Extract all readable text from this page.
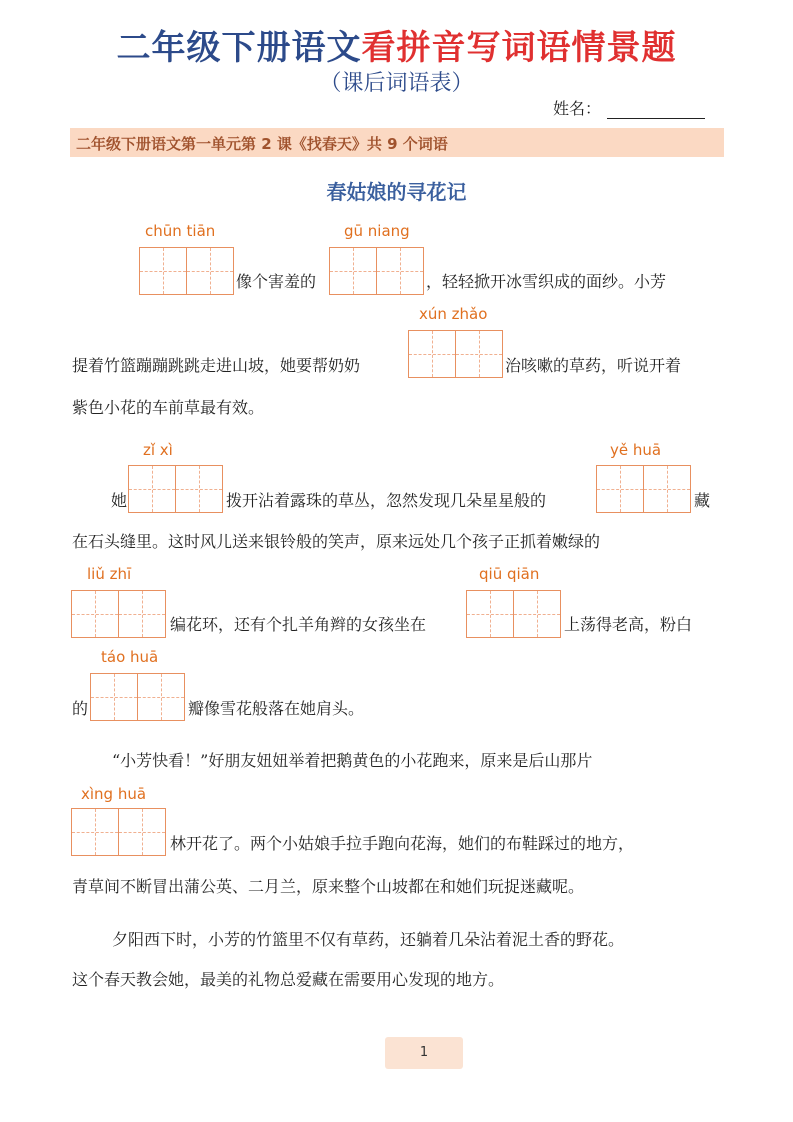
二年级下册语文看拼音写词语情景题
（课后词语表）
姓名：
二年级下册语文第一单元第 2 课《找春天》共 9 个词语
春姑娘的寻花记
chūn tiān
像个害羞的
gū niang
，轻轻掀开冰雪织成的面纱。小芳
xún zhǎo
提着竹篮蹦蹦跳跳走进山坡，她要帮奶奶	治咳嗽的草药，听说开着
紫色小花的车前草最有效。
zǐ xì
她	拨开沾着露珠的草丛，忽然发现几朵星星般的
yě huā
藏
在石头缝里。这时风儿送来银铃般的笑声，原来远处几个孩子正抓着嫩绿的
liǔ zhī
编花环，还有个扎羊角辫的女孩坐在
qiū qiān
上荡得老高，粉白
táo huā
的	瓣像雪花般落在她肩头。
“小芳快看！”好朋友妞妞举着把鹅黄色的小花跑来，原来是后山那片
xìng huā
林开花了。两个小姑娘手拉手跑向花海，她们的布鞋踩过的地方，
青草间不断冒出蒲公英、二月兰，原来整个山坡都在和她们玩捉迷藏呢。
夕阳西下时，小芳的竹篮里不仅有草药，还躺着几朵沾着泥土香的野花。
这个春天教会她，最美的礼物总爱藏在需要用心发现的地方。
1
